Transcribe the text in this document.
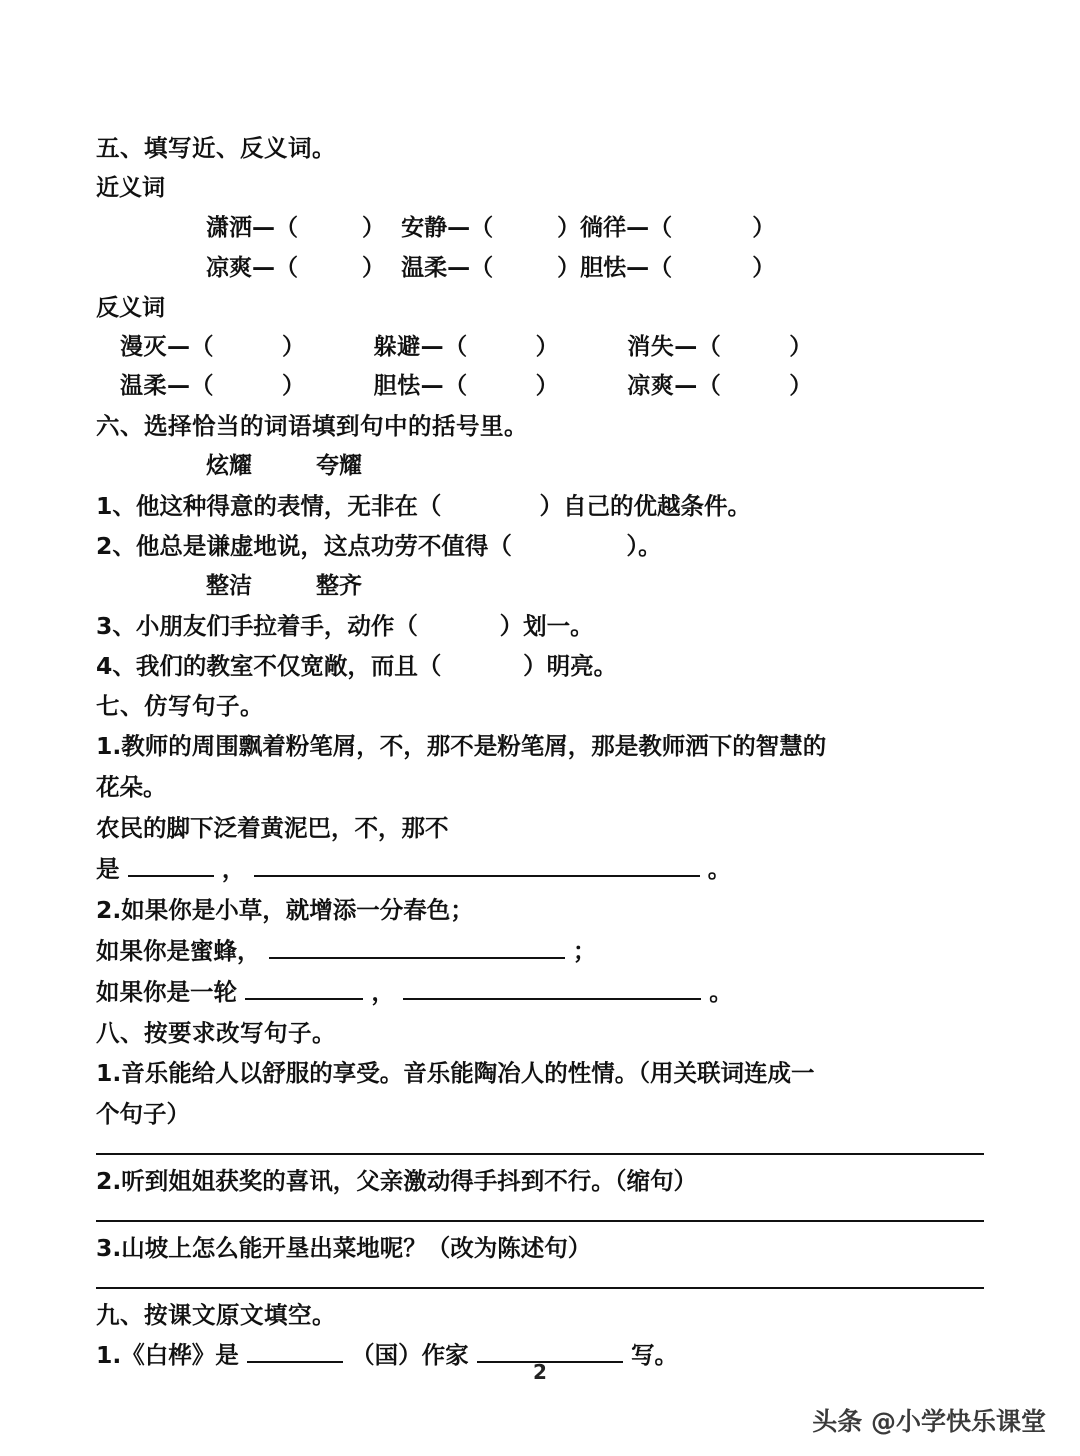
五、填写近、反义词。
近义词
潇洒—（        ）  安静—（        ）徜徉—（          ）
凉爽—（        ）  温柔—（        ）胆怯—（          ）
反义词
漫灭—（        ）        躲避—（        ）        消失—（        ）
温柔—（        ）        胆怯—（        ）        凉爽—（        ）
六、选择恰当的词语填到句中的括号里。
炫耀        夸耀
1、他这种得意的表情，无非在（            ）自己的优越条件。
2、他总是谦虚地说，这点功劳不值得（              ）。
整洁        整齐
3、小朋友们手拉着手，动作（          ）划一。
4、我们的教室不仅宽敞，而且（          ）明亮。
七、仿写句子。
1.教师的周围飘着粉笔屑，不，那不是粉笔屑，那是教师洒下的智慧的
花朵。
农民的脚下泛着黄泥巴，不，那不
是	，	。
2.如果你是小草，就增添一分春色；
如果你是蜜蜂，	；
如果你是一轮	，	。
八、按要求改写句子。
1.音乐能给人以舒服的享受。音乐能陶冶人的性情。（用关联词连成一
个句子）
2.听到姐姐获奖的喜讯，父亲激动得手抖到不行。（缩句）
3.山坡上怎么能开垦出菜地呢？（改为陈述句）
九、按课文原文填空。
1.《白桦》是	（国）作家	写。
2
头条 @小学快乐课堂
